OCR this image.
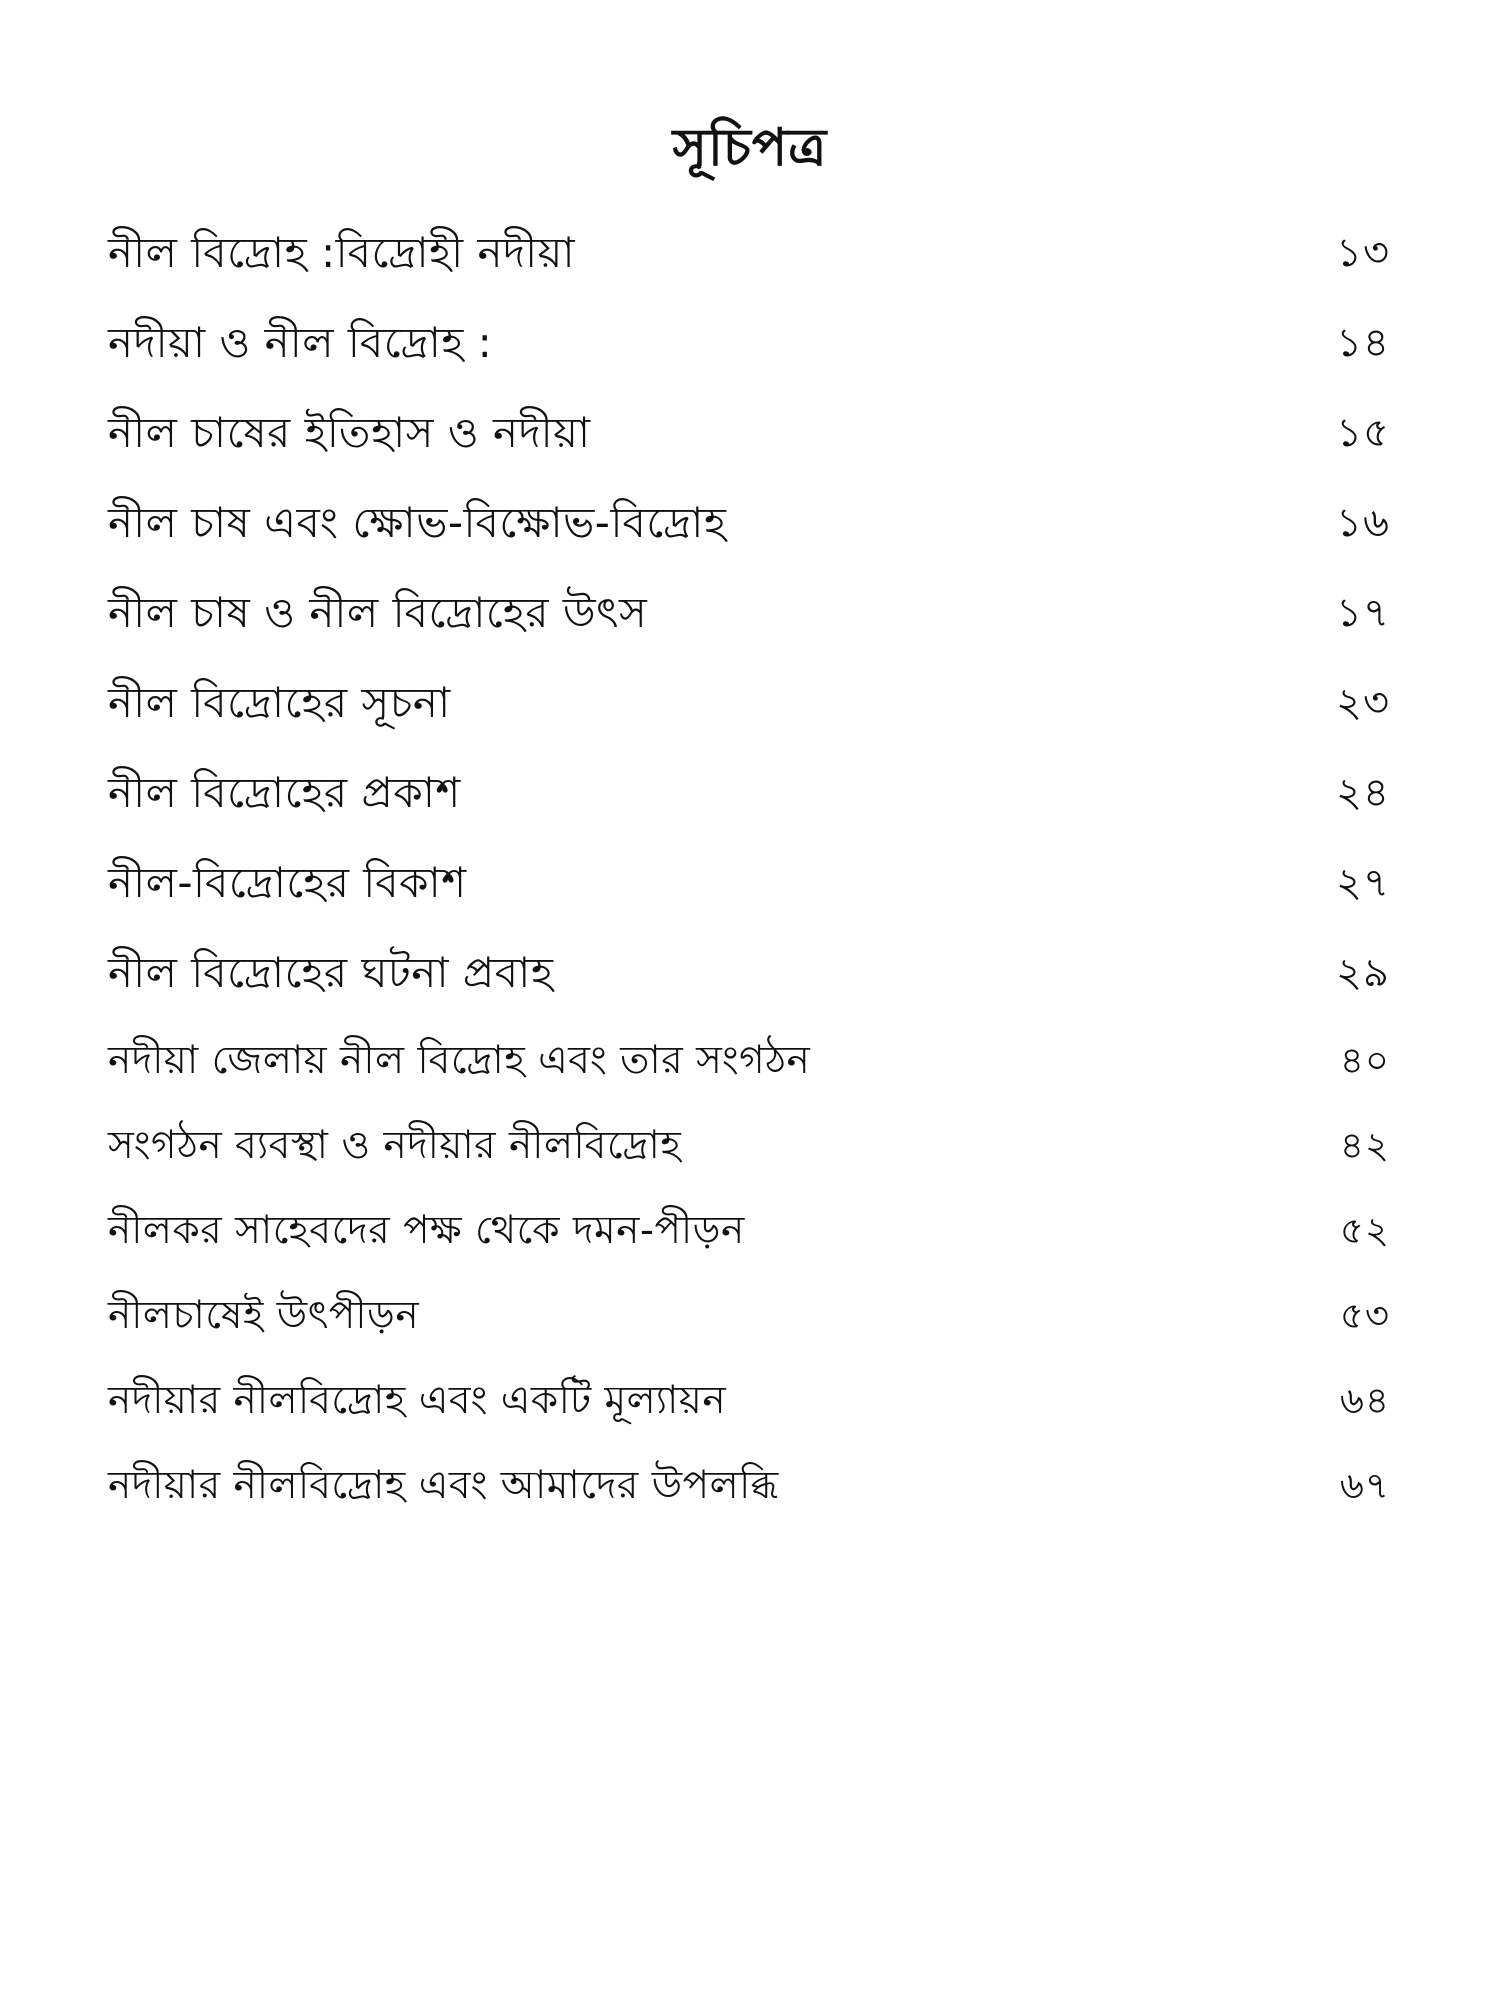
সূচিপত্র
নীল বিদ্রোহ :বিদ্রোহী নদীয়া	১৩
নদীয়া ও নীল বিদ্রোহ :	১৪
নীল চাষের ইতিহাস ও নদীয়া	১৫
নীল চাষ এবং ক্ষোভ-বিক্ষোভ-বিদ্রোহ	১৬
নীল চাষ ও নীল বিদ্রোহের উৎস	১৭
নীল বিদ্রোহের সূচনা	২৩
নীল বিদ্রোহের প্রকাশ	২৪
নীল-বিদ্রোহের বিকাশ	২৭
নীল বিদ্রোহের ঘটনা প্রবাহ	২৯
নদীয়া জেলায় নীল বিদ্রোহ এবং তার সংগঠন	৪০
সংগঠন ব্যবস্থা ও নদীয়ার নীলবিদ্রোহ	৪২
নীলকর সাহেবদের পক্ষ থেকে দমন-পীড়ন	৫২
নীলচাষেই উৎপীড়ন	৫৩
নদীয়ার নীলবিদ্রোহ এবং একটি মূল্যায়ন	৬৪
নদীয়ার নীলবিদ্রোহ এবং আমাদের উপলব্ধি	৬৭
